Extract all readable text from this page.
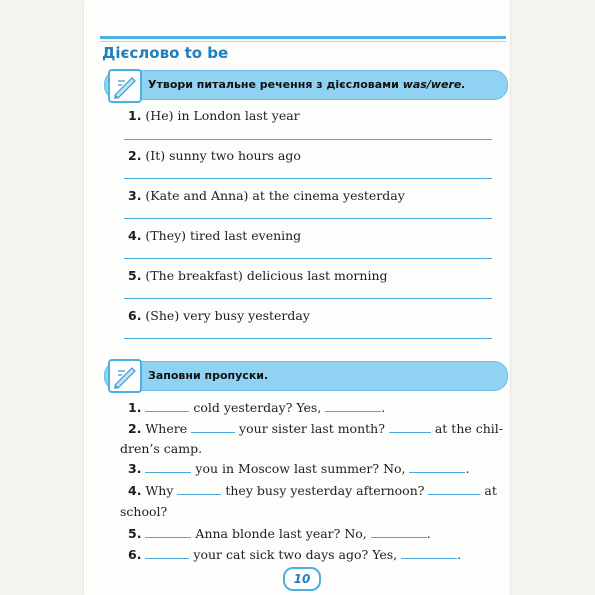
Дієслово to be
Утвори питальне речення з дієсловами was/were.
1. (He) in London last year
2. (It) sunny two hours ago
3. (Kate and Anna) at the cinema yesterday
4. (They) tired last evening
5. (The breakfast) delicious last morning
6. (She) very busy yesterday
Заповни пропуски.
1.	cold yesterday? Yes,	.
2. Where	your sister last month?	at the chil-
dren’s camp.
3.	you in Moscow last summer? No,	.
4. Why	they busy yesterday afternoon?	at
school?
5.	Anna blonde last year? No,	.
6.	your cat sick two days ago? Yes,	.
10
